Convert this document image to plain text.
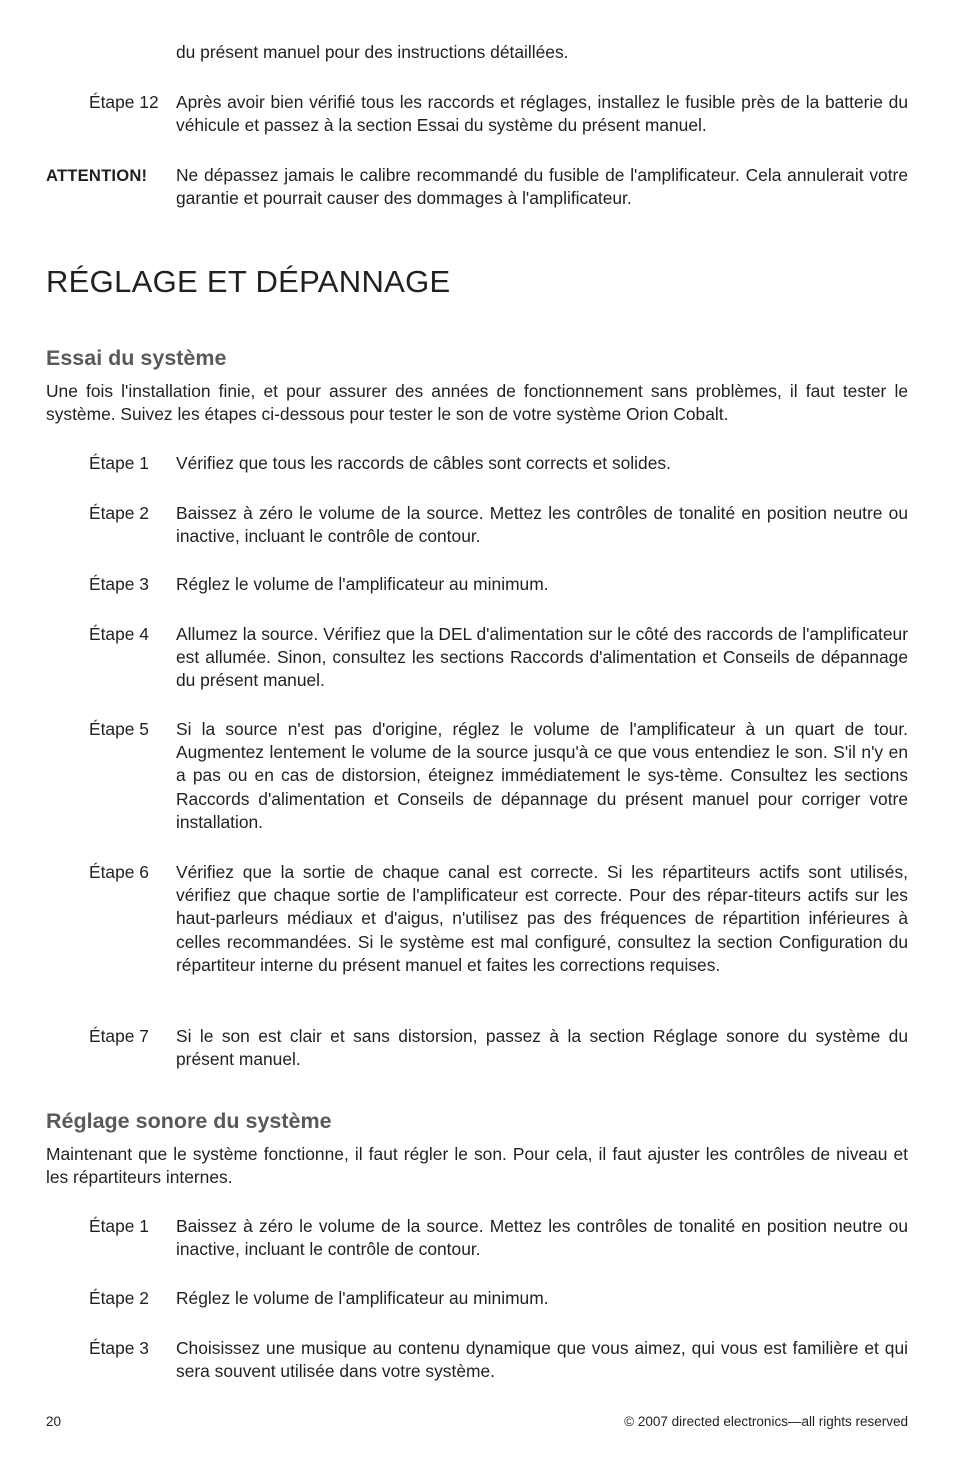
du présent manuel pour des instructions détaillées.
Étape 12 Après avoir bien vérifié tous les raccords et réglages, installez le fusible près de la batterie du véhicule et passez à la section Essai du système du présent manuel.
ATTENTION! Ne dépassez jamais le calibre recommandé du fusible de l'amplificateur. Cela annulerait votre garantie et pourrait causer des dommages à l'amplificateur.
RÉGLAGE ET DÉPANNAGE
Essai du système
Une fois l'installation finie, et pour assurer des années de fonctionnement sans problèmes, il faut tester le système. Suivez les étapes ci-dessous pour tester le son de votre système Orion Cobalt.
Étape 1 Vérifiez que tous les raccords de câbles sont corrects et solides.
Étape 2 Baissez à zéro le volume de la source. Mettez les contrôles de tonalité en position neutre ou inactive, incluant le contrôle de contour.
Étape 3 Réglez le volume de l'amplificateur au minimum.
Étape 4 Allumez la source. Vérifiez que la DEL d'alimentation sur le côté des raccords de l'amplificateur est allumée. Sinon, consultez les sections Raccords d'alimentation et Conseils de dépannage du présent manuel.
Étape 5 Si la source n'est pas d'origine, réglez le volume de l'amplificateur à un quart de tour. Augmentez lentement le volume de la source jusqu'à ce que vous entendiez le son. S'il n'y en a pas ou en cas de distorsion, éteignez immédiatement le sys-tème. Consultez les sections Raccords d'alimentation et Conseils de dépannage du présent manuel pour corriger votre installation.
Étape 6 Vérifiez que la sortie de chaque canal est correcte. Si les répartiteurs actifs sont utilisés, vérifiez que chaque sortie de l'amplificateur est correcte. Pour des répar-titeurs actifs sur les haut-parleurs médiaux et d'aigus, n'utilisez pas des fréquences de répartition inférieures à celles recommandées. Si le système est mal configuré, consultez la section Configuration du répartiteur interne du présent manuel et faites les corrections requises.
Étape 7 Si le son est clair et sans distorsion, passez à la section Réglage sonore du système du présent manuel.
Réglage sonore du système
Maintenant que le système fonctionne, il faut régler le son. Pour cela, il faut ajuster les contrôles de niveau et les répartiteurs internes.
Étape 1 Baissez à zéro le volume de la source. Mettez les contrôles de tonalité en position neutre ou inactive, incluant le contrôle de contour.
Étape 2 Réglez le volume de l'amplificateur au minimum.
Étape 3 Choisissez une musique au contenu dynamique que vous aimez, qui vous est familière et qui sera souvent utilisée dans votre système.
20	© 2007 directed electronics—all rights reserved
